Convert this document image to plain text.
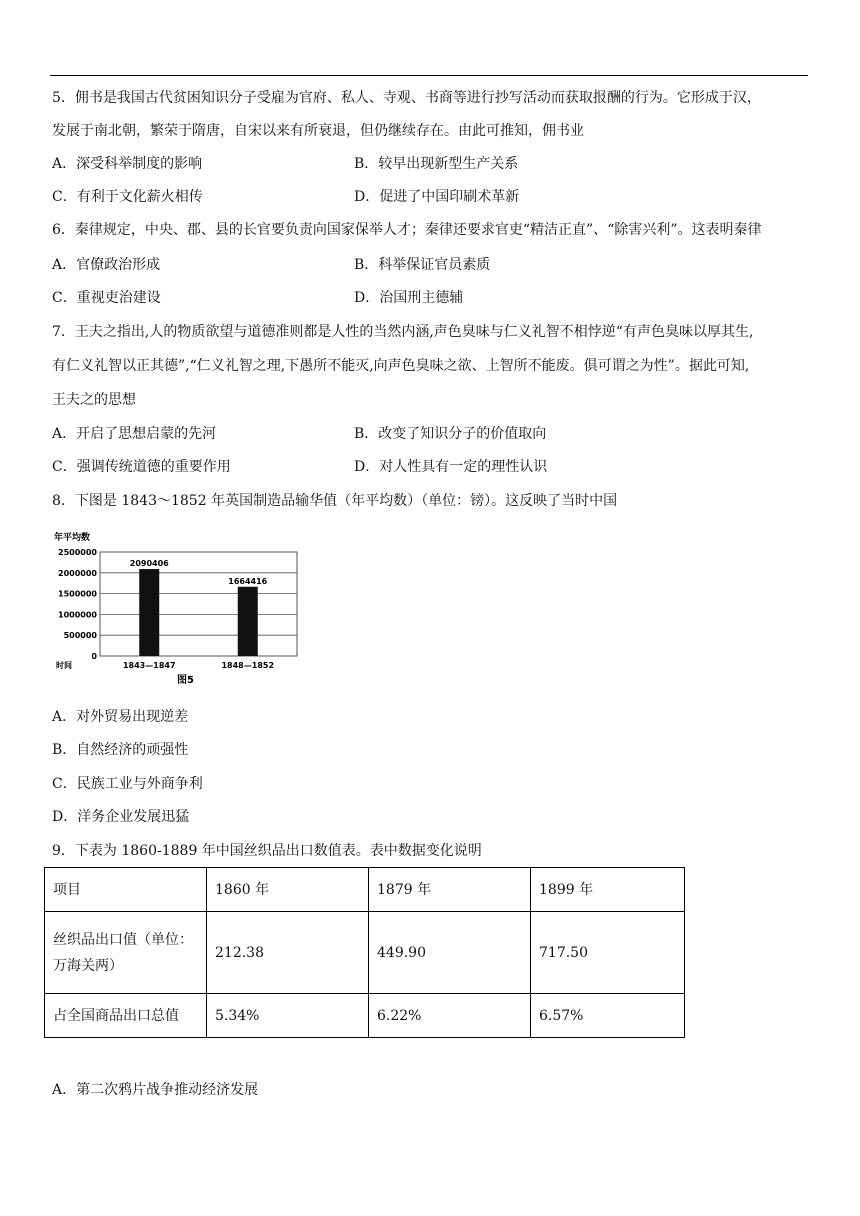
5．佣书是我国古代贫困知识分子受雇为官府、私人、寺观、书商等进行抄写活动而获取报酬的行为。它形成于汉，
发展于南北朝，繁荣于隋唐，自宋以来有所衰退，但仍继续存在。由此可推知，佣书业
A．深受科举制度的影响	B．较早出现新型生产关系
C．有利于文化薪火相传	D．促进了中国印刷术革新
6．秦律规定，中央、郡、县的长官要负责向国家保举人才；秦律还要求官吏“精洁正直”、“除害兴利”。这表明秦律
A．官僚政治形成	B．科举保证官员素质
C．重视吏治建设	D．治国刑主德辅
7．王夫之指出,人的物质欲望与道德准则都是人性的当然内涵,声色臭味与仁义礼智不相悖逆“有声色臭味以厚其生,
有仁义礼智以正其德”,“仁义礼智之理,下愚所不能灭,向声色臭味之欲、上智所不能废。俱可谓之为性”。据此可知,
王夫之的思想
A．开启了思想启蒙的先河	B．改变了知识分子的价值取向
C．强调传统道德的重要作用	D．对人性具有一定的理性认识
8．下图是 1843～1852 年英国制造品输华值（年平均数）（单位：镑）。这反映了当时中国
年平均数
2500000
2000000
1500000
1000000
500000
0
2090406
1843—1847
1664416
1848—1852
时间
图5
A．对外贸易出现逆差
B．自然经济的顽强性
C．民族工业与外商争利
D．洋务企业发展迅猛
9．下表为 1860-1889 年中国丝织品出口数值表。表中数据变化说明
项目	1860 年	1879 年	1899 年

丝织品出口值（单位：
万海关两）	212.38	449.90	717.50
占全国商品出口总值	5.34%	6.22%	6.57%
A．第二次鸦片战争推动经济发展
